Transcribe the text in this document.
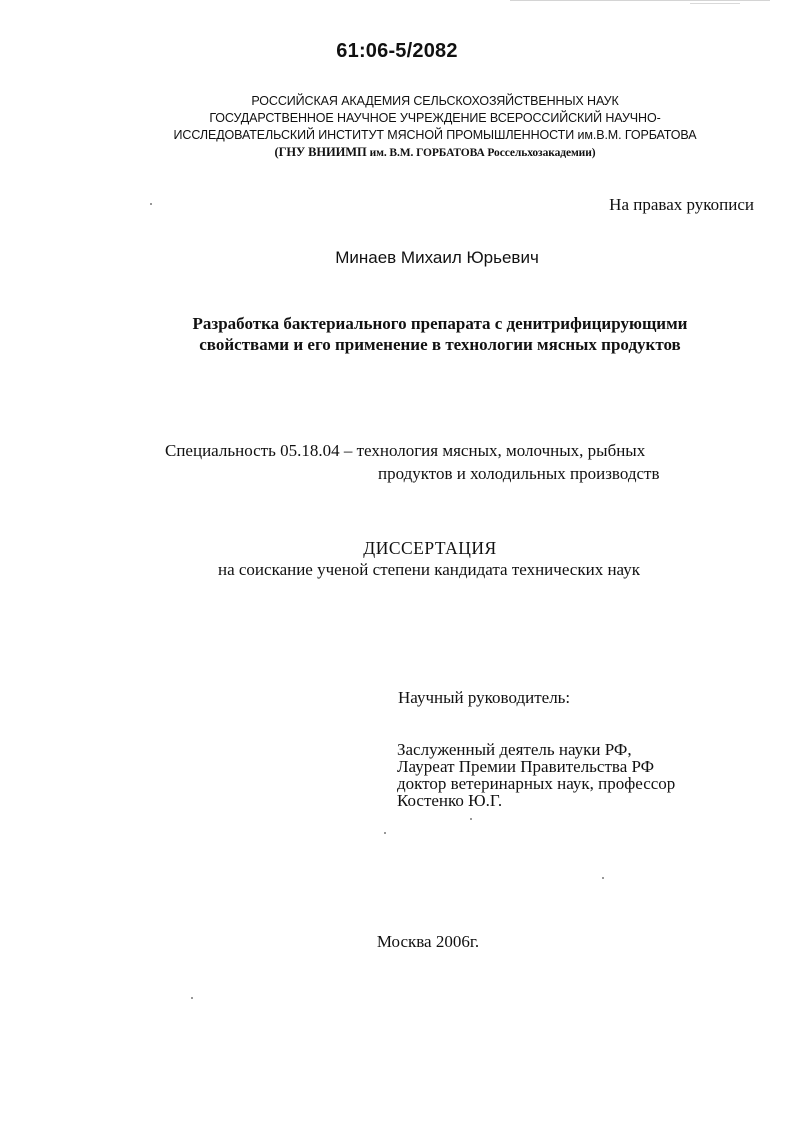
61:06-5/2082
РОССИЙСКАЯ АКАДЕМИЯ СЕЛЬСКОХОЗЯЙСТВЕННЫХ НАУК
ГОСУДАРСТВЕННОЕ НАУЧНОЕ УЧРЕЖДЕНИЕ ВСЕРОССИЙСКИЙ НАУЧНО-
ИССЛЕДОВАТЕЛЬСКИЙ ИНСТИТУТ МЯСНОЙ ПРОМЫШЛЕННОСТИ им.В.М. ГОРБАТОВА
(ГНУ ВНИИМП им. В.М. ГОРБАТОВА Россельхозакадемии)
На правах рукописи
Минаев Михаил Юрьевич
Разработка бактериального препарата с денитрифицирующими
свойствами и его применение в технологии мясных продуктов
Специальность 05.18.04 – технология мясных, молочных, рыбных
продуктов и холодильных производств
ДИССЕРТАЦИЯ
на соискание ученой степени кандидата технических наук
Научный руководитель:
Заслуженный деятель науки РФ,
Лауреат Премии Правительства РФ
доктор ветеринарных наук, профессор
Костенко Ю.Г.
Москва 2006г.
